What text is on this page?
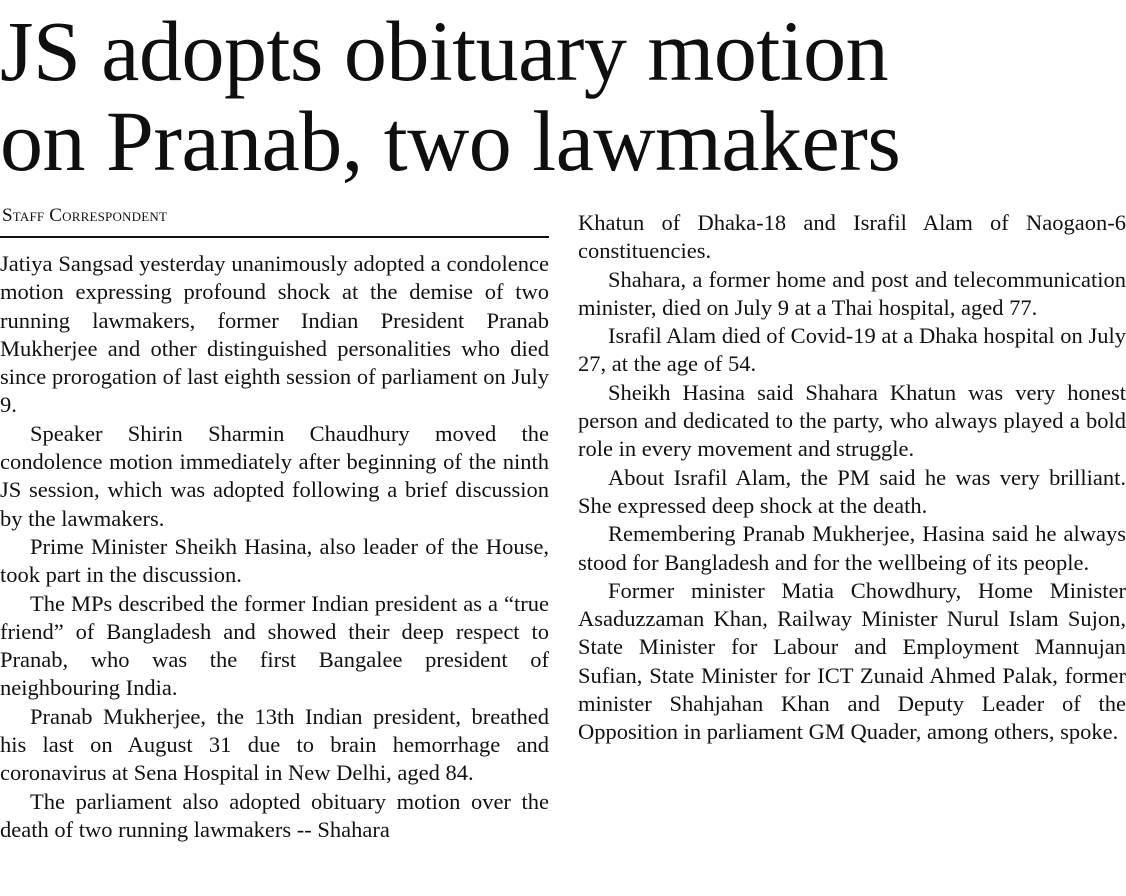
JS adopts obituary motion
on Pranab, two lawmakers
Staff Correspondent

Jatiya Sangsad yesterday unanimously adopted a condolence motion expressing profound shock at the demise of two running lawmakers, former Indian President Pranab Mukherjee and other distinguished personalities who died since prorogation of last eighth session of parliament on July 9.

Speaker Shirin Sharmin Chaudhury moved the condolence motion immediately after beginning of the ninth JS session, which was adopted following a brief discussion by the lawmakers.

Prime Minister Sheikh Hasina, also leader of the House, took part in the discussion.

The MPs described the former Indian president as a “true friend” of Bangladesh and showed their deep respect to Pranab, who was the first Bangalee president of neighbouring India.

Pranab Mukherjee, the 13th Indian president, breathed his last on August 31 due to brain hemorrhage and coronavirus at Sena Hospital in New Delhi, aged 84.

The parliament also adopted obituary motion over the death of two running lawmakers -- Shahara

Khatun of Dhaka-18 and Israfil Alam of Naogaon-6 constituencies.

Shahara, a former home and post and telecommunication minister, died on July 9 at a Thai hospital, aged 77.

Israfil Alam died of Covid-19 at a Dhaka hospital on July 27, at the age of 54.

Sheikh Hasina said Shahara Khatun was very honest person and dedicated to the party, who always played a bold role in every movement and struggle.

About Israfil Alam, the PM said he was very brilliant. She expressed deep shock at the death.

Remembering Pranab Mukherjee, Hasina said he always stood for Bangladesh and for the wellbeing of its people.

Former minister Matia Chowdhury, Home Minister Asaduzzaman Khan, Railway Minister Nurul Islam Sujon, State Minister for Labour and Employment Mannujan Sufian, State Minister for ICT Zunaid Ahmed Palak, former minister Shahjahan Khan and Deputy Leader of the Opposition in parliament GM Quader, among others, spoke.
